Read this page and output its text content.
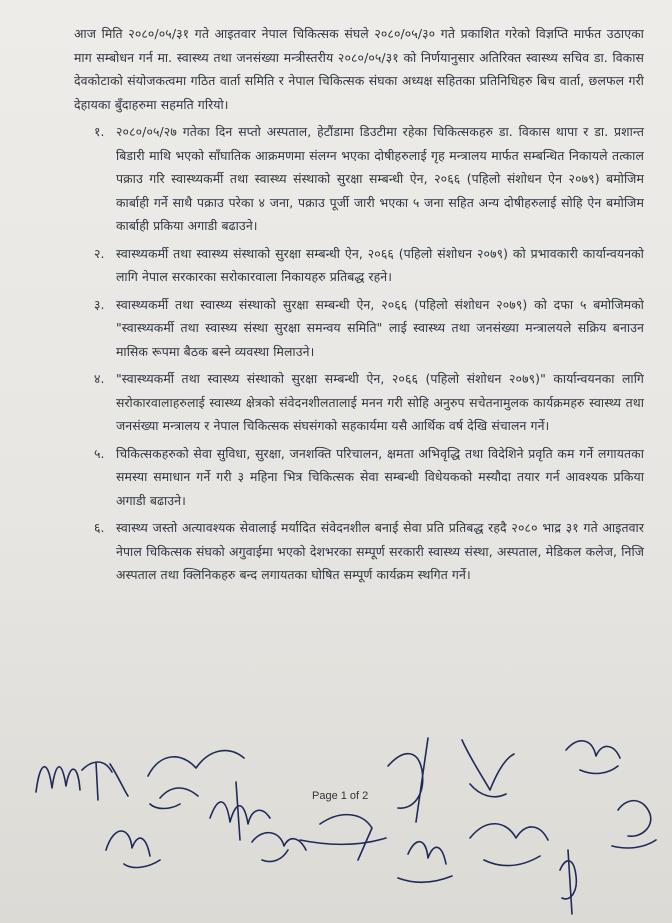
आज मिति २०८०/०५/३१ गते आइतवार नेपाल चिकित्सक संघले २०८०/०५/३० गते प्रकाशित गरेको विज्ञप्ति मार्फत उठाएका माग सम्बोधन गर्न मा. स्वास्थ्य तथा जनसंख्या मन्त्रीस्तरीय २०८०/०५/३१ को निर्णयानुसार अतिरिक्त स्वास्थ्य सचिव डा. विकास देवकोटाको संयोजकत्वमा गठित वार्ता समिति र नेपाल चिकित्सक संघका अध्यक्ष सहितका प्रतिनिधिहरु बिच वार्ता, छलफल गरी देहायका बुँदाहरुमा सहमति गरियो।
१. २०८०/०५/२७ गतेका दिन सप्तो अस्पताल, हेटौंडामा डिउटीमा रहेका चिकित्सकहरु डा. विकास थापा र डा. प्रशान्त बिडारी माथि भएको साँघातिक आक्रमणमा संलग्न भएका दोषीहरुलाई गृह मन्त्रालय मार्फत सम्बन्धित निकायले तत्काल पक्राउ गरि स्वास्थ्यकर्मी तथा स्वास्थ्य संस्थाको सुरक्षा सम्बन्धी ऐन, २०६६ (पहिलो संशोधन ऐन २०७९) बमोजिम कार्बाही गर्ने साथै पक्राउ परेका ४ जना, पक्राउ पूर्जी जारी भएका ५ जना सहित अन्य दोषीहरुलाई सोहि ऐन बमोजिम कार्बाही प्रकिया अगाडी बढाउने।
२. स्वास्थ्यकर्मी तथा स्वास्थ्य संस्थाको सुरक्षा सम्बन्धी ऐन, २०६६ (पहिलो संशोधन २०७९) को प्रभावकारी कार्यान्वयनको लागि नेपाल सरकारका सरोकारवाला निकायहरु प्रतिबद्ध रहने।
३. स्वास्थ्यकर्मी तथा स्वास्थ्य संस्थाको सुरक्षा सम्बन्धी ऐन, २०६६ (पहिलो संशोधन २०७९) को दफा ५ बमोजिमको "स्वास्थ्यकर्मी तथा स्वास्थ्य संस्था सुरक्षा समन्वय समिति" लाई स्वास्थ्य तथा जनसंख्या मन्त्रालयले सक्रिय बनाउन मासिक रूपमा बैठक बस्ने व्यवस्था मिलाउने।
४. "स्वास्थ्यकर्मी तथा स्वास्थ्य संस्थाको सुरक्षा सम्बन्धी ऐन, २०६६ (पहिलो संशोधन २०७९)" कार्यान्वयनका लागि सरोकारवालाहरुलाई स्वास्थ्य क्षेत्रको संवेदनशीलतालाई मनन गरी सोहि अनुरुप सचेतनामुलक कार्यक्रमहरु स्वास्थ्य तथा जनसंख्या मन्त्रालय र नेपाल चिकित्सक संघसंगको सहकार्यमा यसै आर्थिक वर्ष देखि संचालन गर्ने।
५. चिकित्सकहरुको सेवा सुविधा, सुरक्षा, जनशक्ति परिचालन, क्षमता अभिवृद्धि तथा विदेशिने प्रवृति कम गर्ने लगायतका समस्या समाधान गर्ने गरी ३ महिना भित्र चिकित्सक सेवा सम्बन्धी विधेयकको मस्यौदा तयार गर्न आवश्यक प्रकिया अगाडी बढाउने।
६. स्वास्थ्य जस्तो अत्यावश्यक सेवालाई मर्यादित संवेदनशील बनाई सेवा प्रति प्रतिबद्ध रहदै २०८० भाद्र ३१ गते आइतवार नेपाल चिकित्सक संघको अगुवाईमा भएको देशभरका सम्पूर्ण सरकारी स्वास्थ्य संस्था, अस्पताल, मेडिकल कलेज, निजि अस्पताल तथा क्लिनिकहरु बन्द लगायतका घोषित सम्पूर्ण कार्यक्रम स्थगित गर्ने।
Page 1 of 2
